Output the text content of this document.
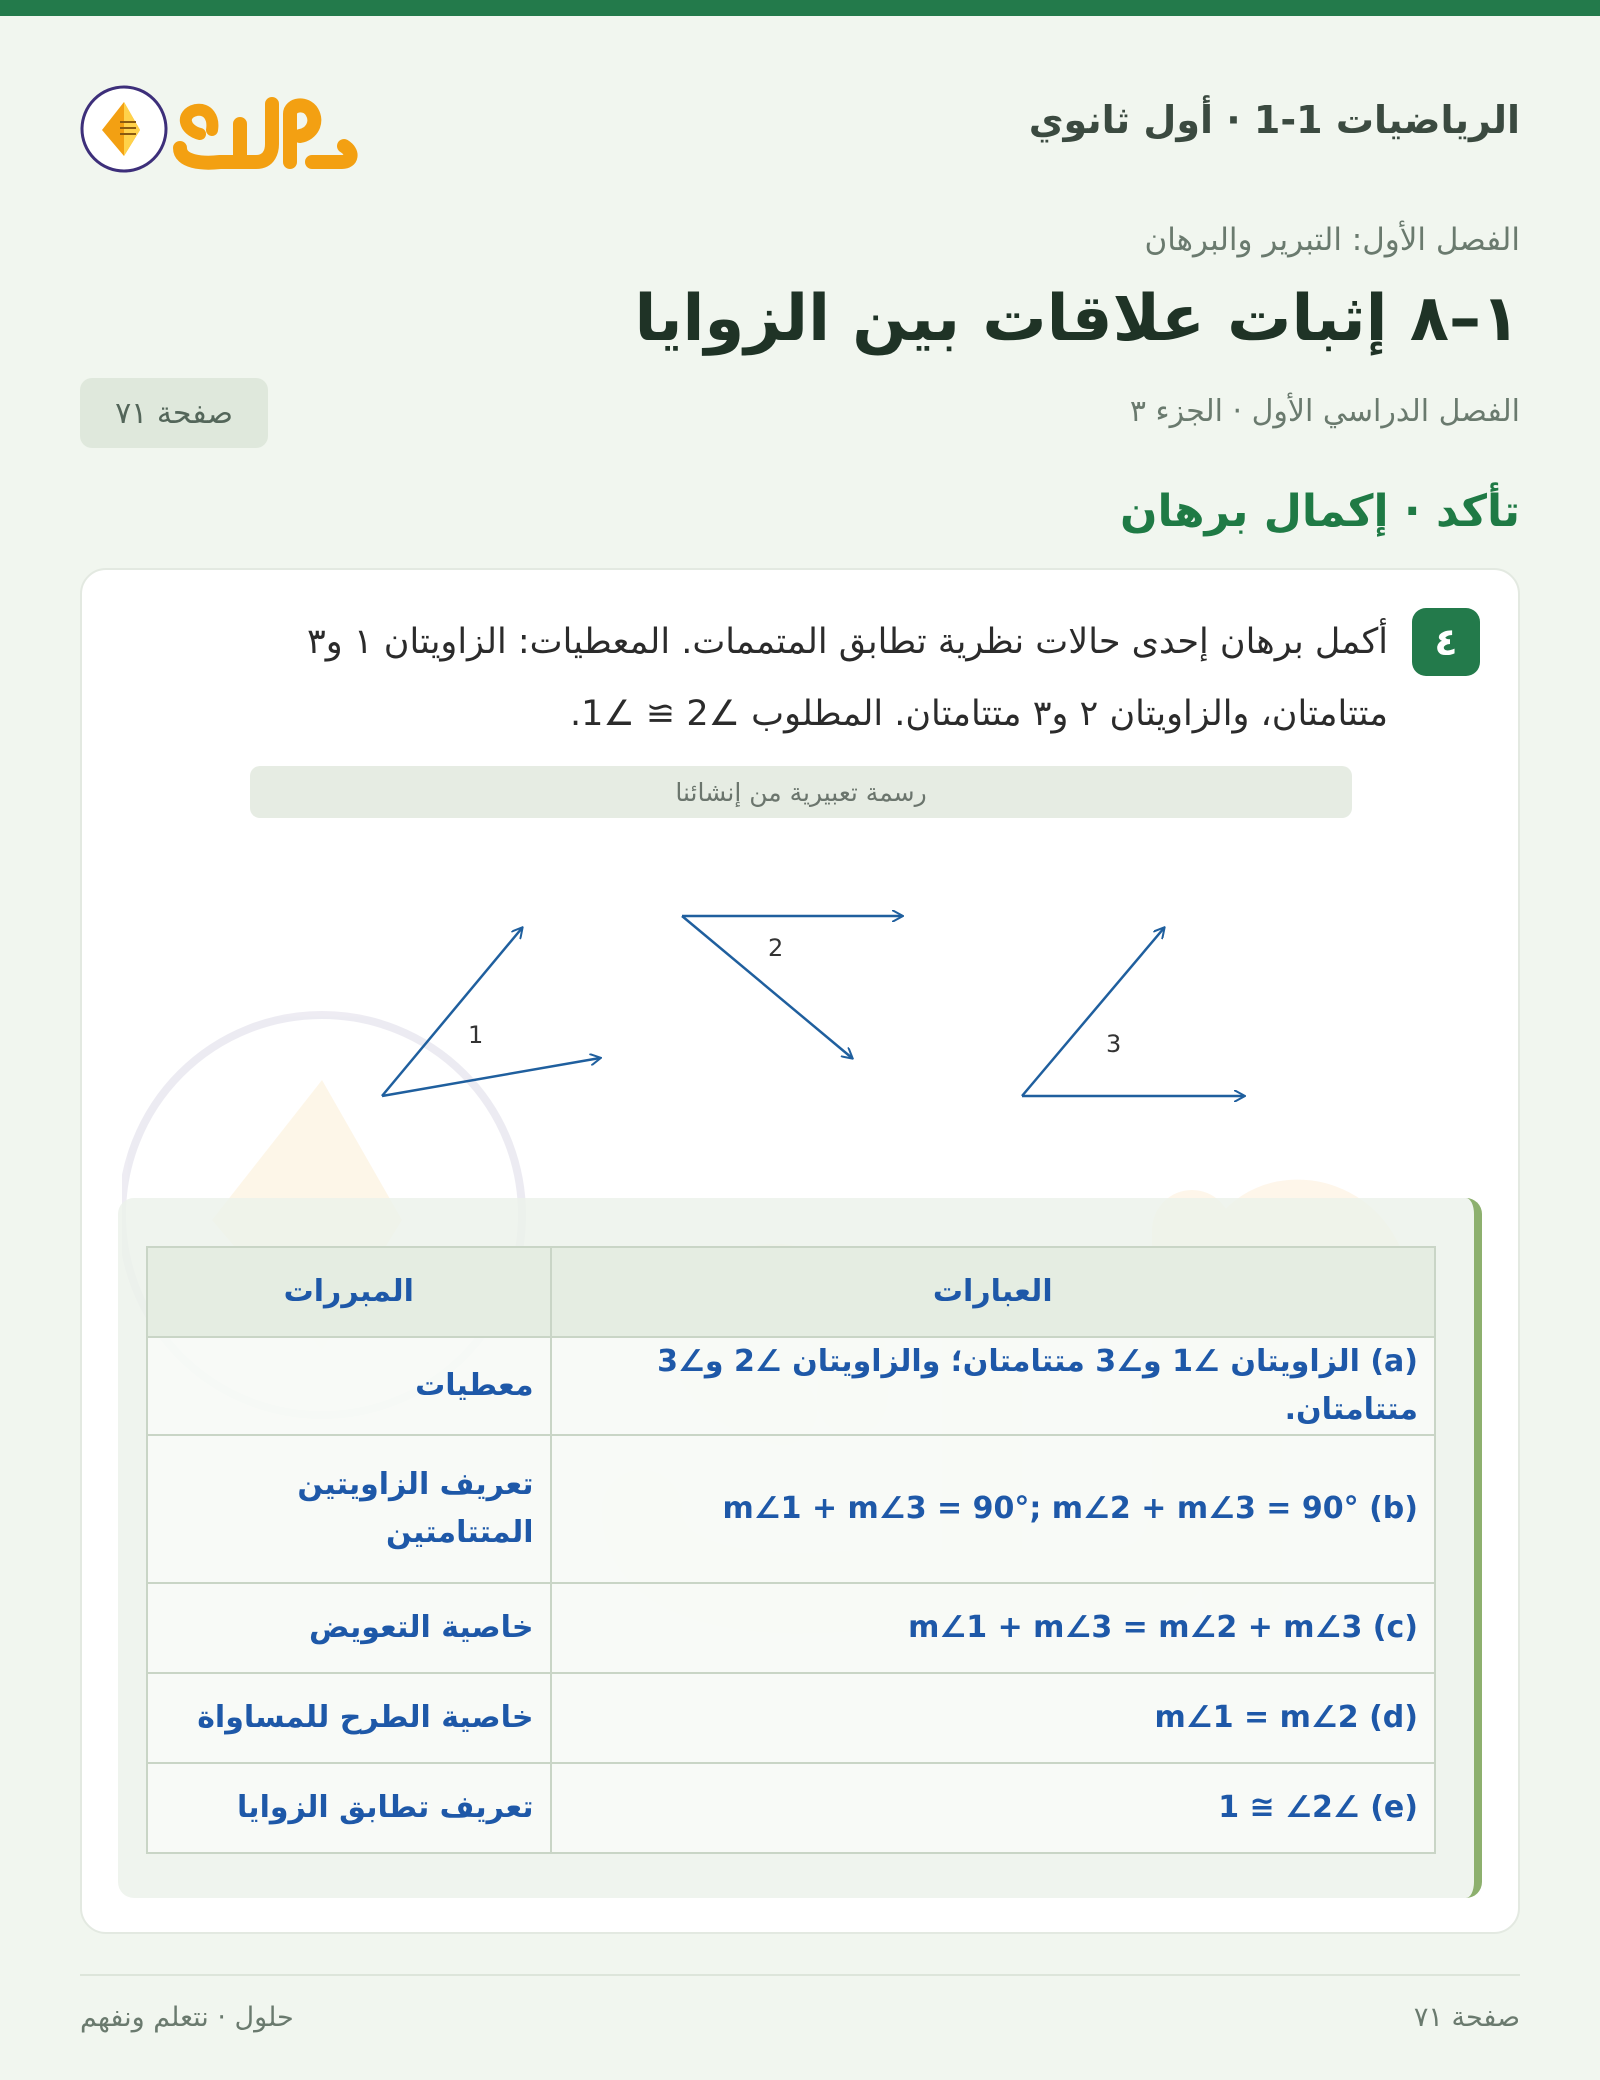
الرياضيات 1-1 · أول ثانوي
الفصل الأول: التبرير والبرهان
١–٨ إثبات علاقات بين الزوايا
الفصل الدراسي الأول · الجزء ٣
صفحة ٧١
تأكد · إكمال برهان
٤

أكمل برهان إحدى حالات نظرية تطابق المتممات. المعطيات: الزاويتان ١ و٣ متتامتان، والزاويتان ٢ و٣ متتامتان. المطلوب ∠2 ≅ ∠1.

رسمة تعبيرية من إنشائنا
1
2
3
العبارات	المبررات
(a) الزاويتان ∠1 و∠3 متتامتان؛ والزاويتان ∠2 و∠3 متتامتان.	معطيات
(b) m∠1 + m∠3 = 90°; m∠2 + m∠3 = 90°	تعريف الزاويتين المتتامتين
(c) m∠1 + m∠3 = m∠2 + m∠3	خاصية التعويض
(d) m∠1 = m∠2	خاصية الطرح للمساواة
(e) ∠1 ≅ ∠2	تعريف تطابق الزوايا
صفحة ٧١
حلول · نتعلم ونفهم
